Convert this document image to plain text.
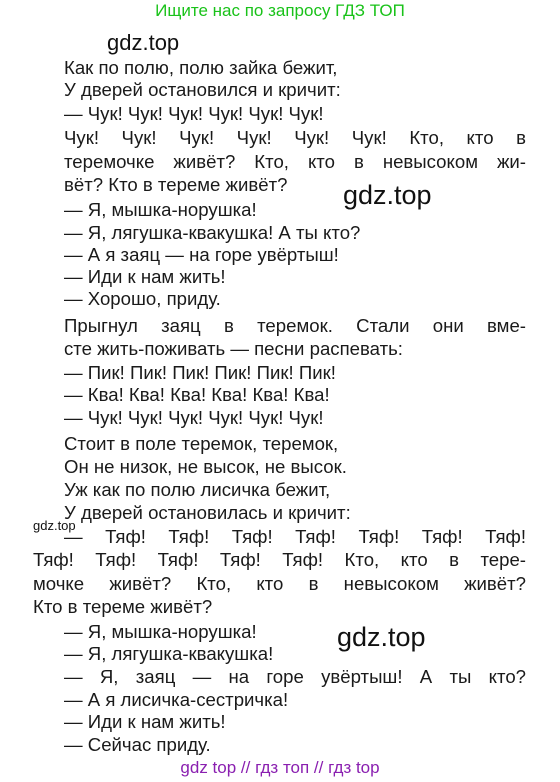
Ищите нас по запросу ГДЗ ТОП
gdz.top
gdz.top
gdz.top
gdz.top
Как по полю, полю зайка бежит,
У дверей остановился и кричит:
— Чук! Чук! Чук! Чук! Чук! Чук!
Чук! Чук! Чук! Чук! Чук! Чук! Кто, кто в
теремочке живёт? Кто, кто в невысоком жи-
вёт? Кто в тереме живёт?
— Я, мышка-норушка!
— Я, лягушка-квакушка! А ты кто?
— А я заяц — на горе увёртыш!
— Иди к нам жить!
— Хорошо, приду.
Прыгнул заяц в теремок. Стали они вме-
сте жить-поживать — песни распевать:
— Пик! Пик! Пик! Пик! Пик! Пик!
— Ква! Ква! Ква! Ква! Ква! Ква!
— Чук! Чук! Чук! Чук! Чук! Чук!
Стоит в поле теремок, теремок,
Он не низок, не высок, не высок.
Уж как по полю лисичка бежит,
У дверей остановилась и кричит:
— Тяф! Тяф! Тяф! Тяф! Тяф! Тяф! Тяф!
Тяф! Тяф! Тяф! Тяф! Тяф! Кто, кто в тере-
мочке живёт? Кто, кто в невысоком живёт?
Кто в тереме живёт?
— Я, мышка-норушка!
— Я, лягушка-квакушка!
— Я, заяц — на горе увёртыш! А ты кто?
— А я лисичка-сестричка!
— Иди к нам жить!
— Сейчас приду.
gdz top // гдз топ // гдз top
